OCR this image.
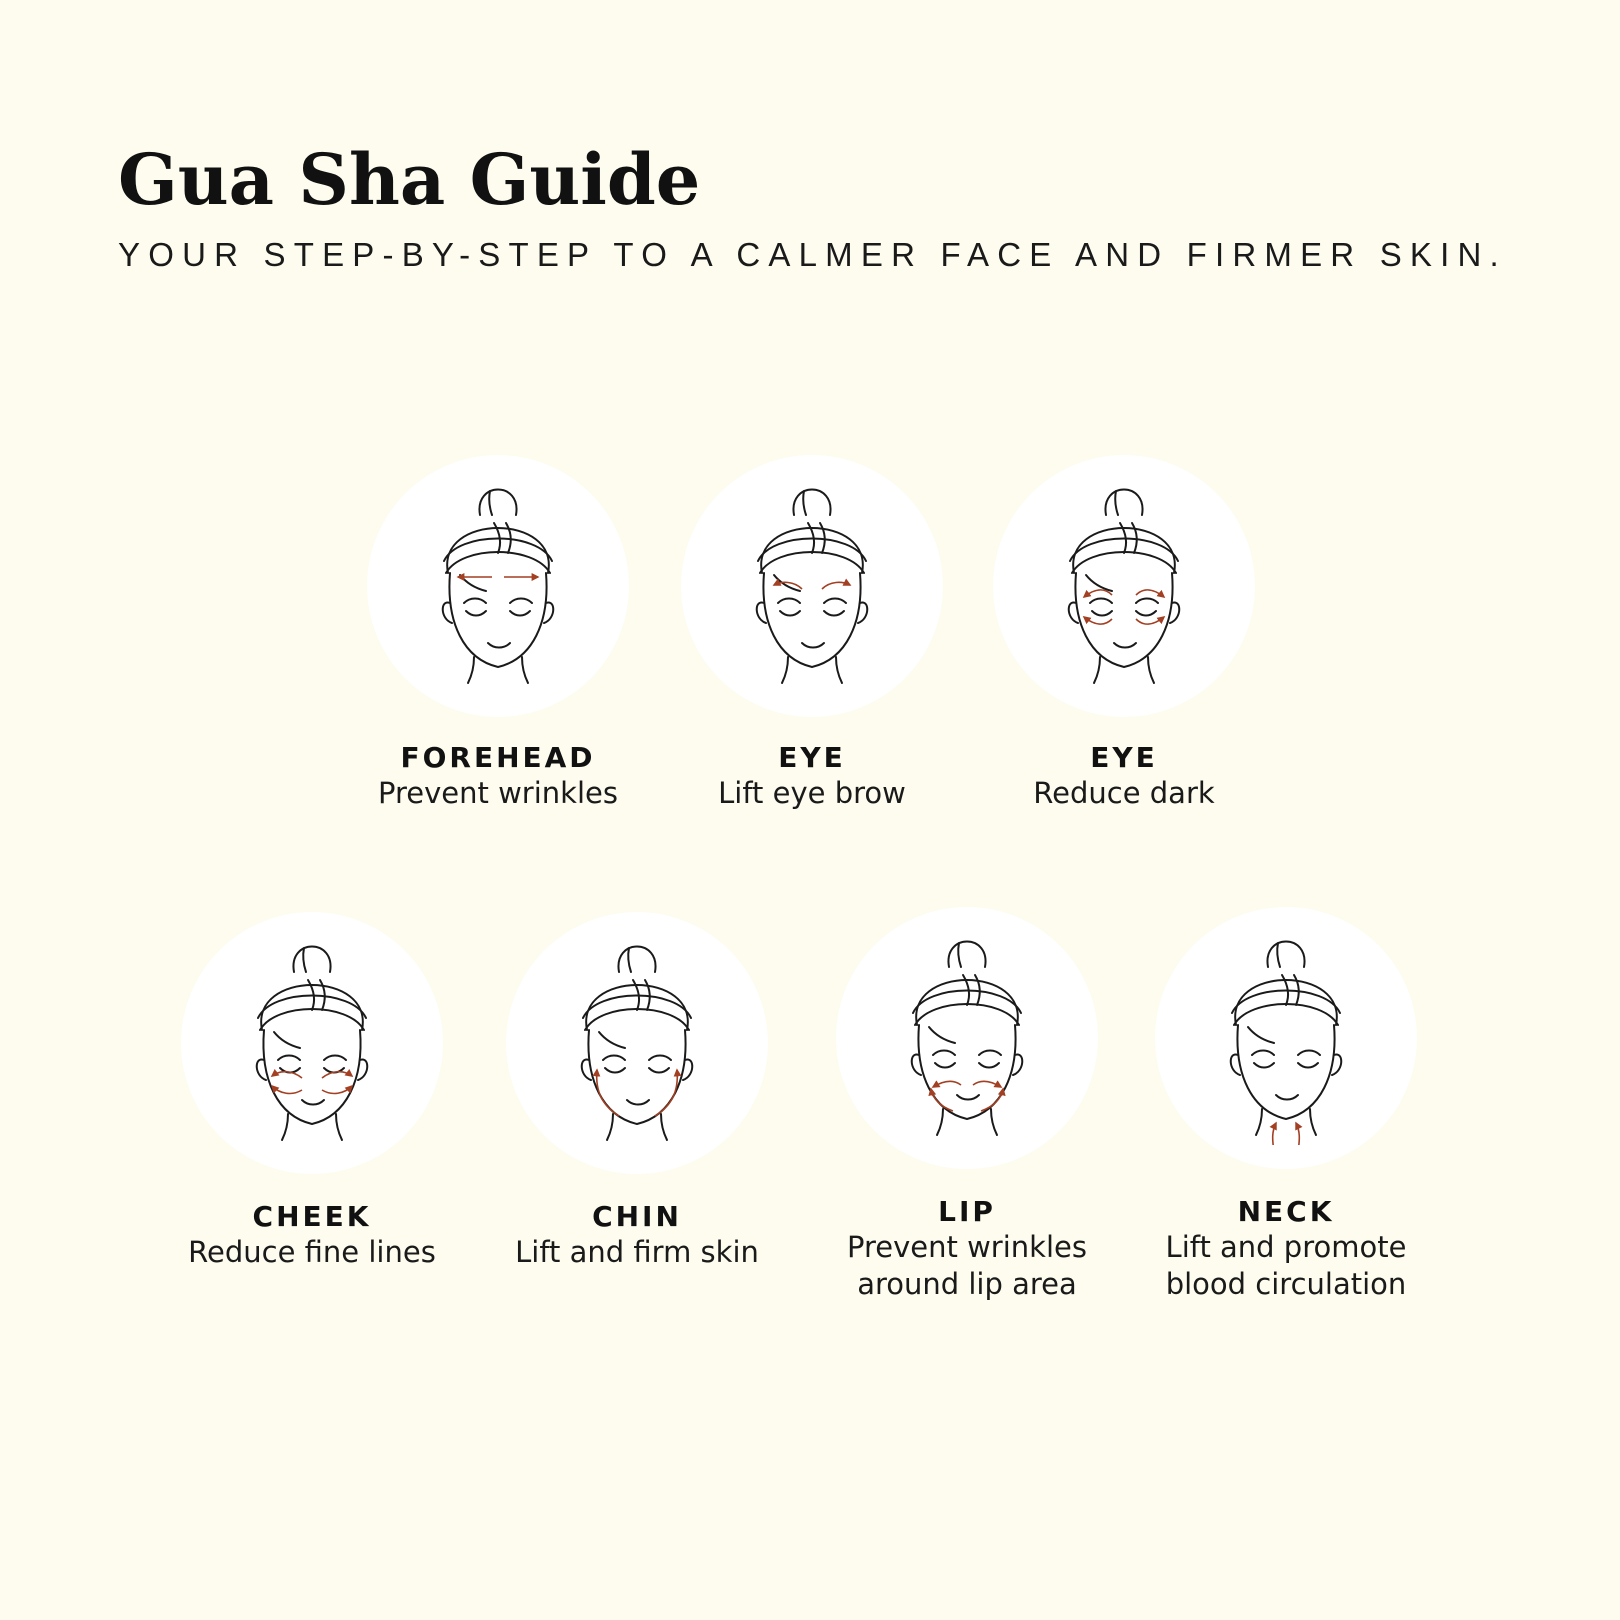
Gua Sha Guide
YOUR STEP-BY-STEP TO A CALMER FACE AND FIRMER SKIN.
FOREHEAD
Prevent wrinkles
EYE
Lift eye brow
EYE
Reduce dark
CHEEK
Reduce fine lines
CHIN
Lift and firm skin
LIP
Prevent wrinkles
around lip area
NECK
Lift and promote
blood circulation
